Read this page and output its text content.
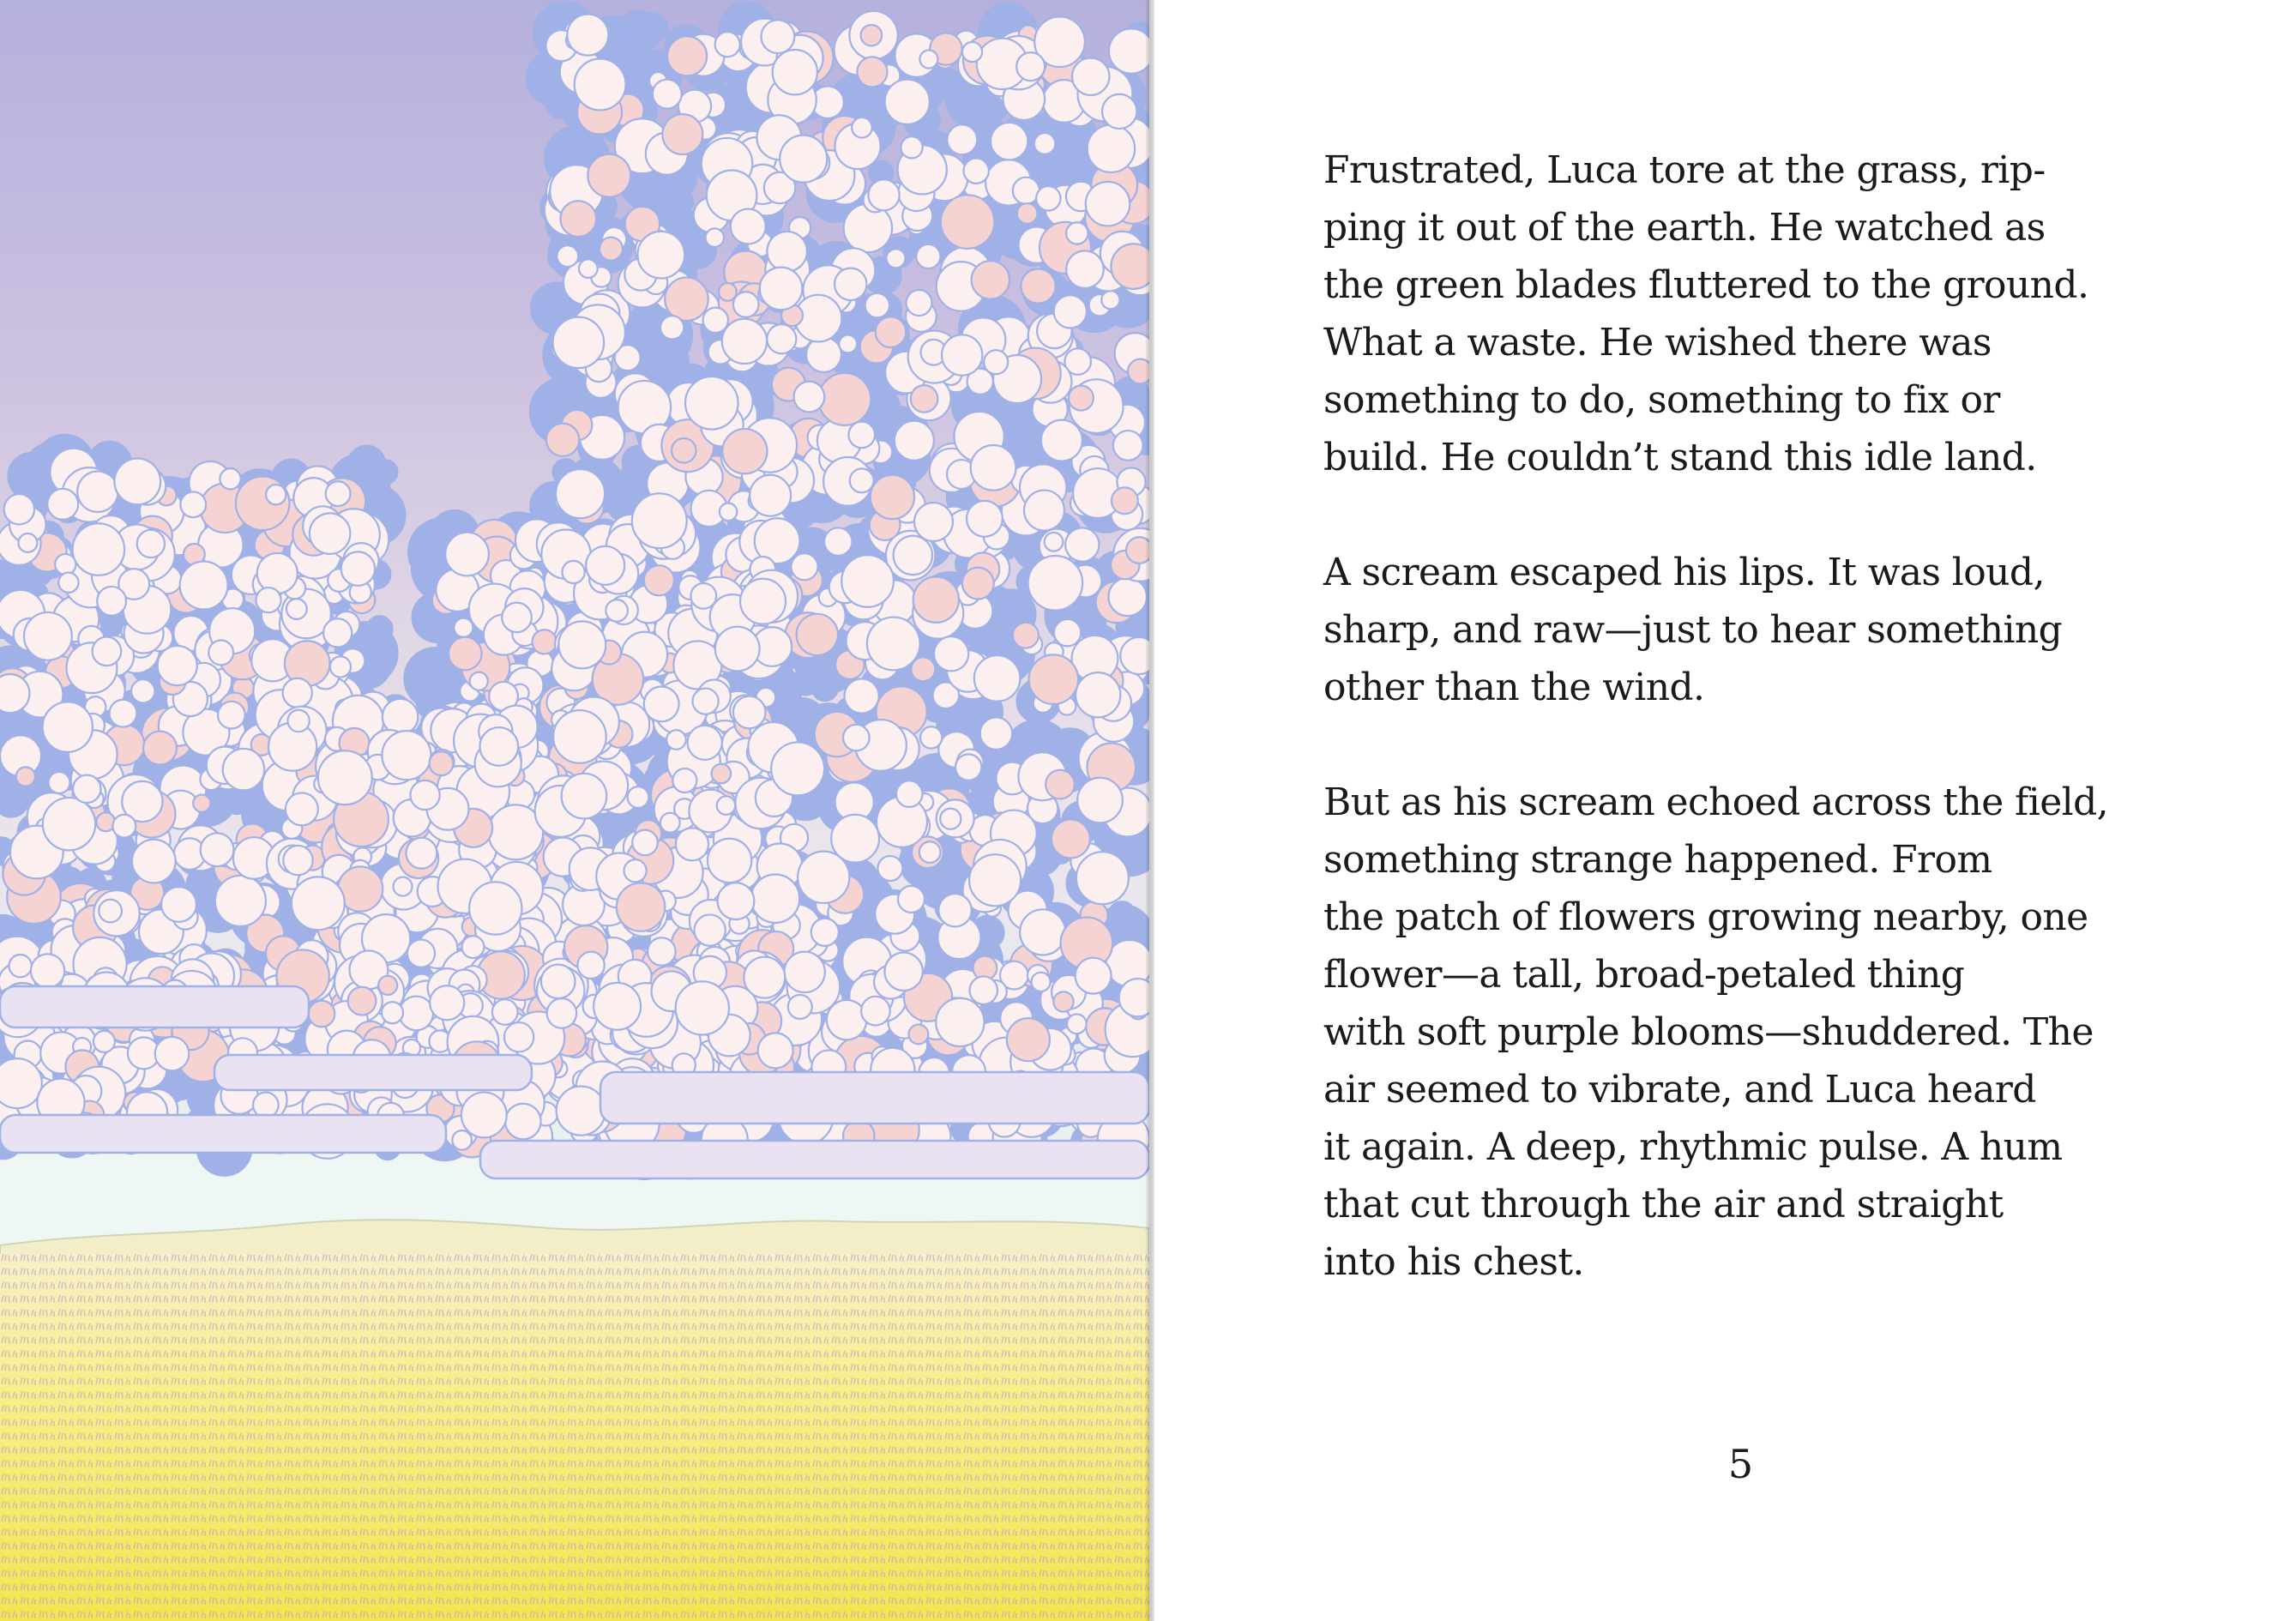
Frustrated, Luca tore at the grass, rip-
ping it out of the earth. He watched as
the green blades fluttered to the ground.
What a waste. He wished there was
something to do, something to fix or
build. He couldn’t stand this idle land.

A scream escaped his lips. It was loud,
sharp, and raw—just to hear something
other than the wind.

But as his scream echoed across the field,
something strange happened. From
the patch of flowers growing nearby, one
flower—a tall, broad-petaled thing
with soft purple blooms—shuddered. The
air seemed to vibrate, and Luca heard
it again. A deep, rhythmic pulse. A hum
that cut through the air and straight
into his chest.

5
